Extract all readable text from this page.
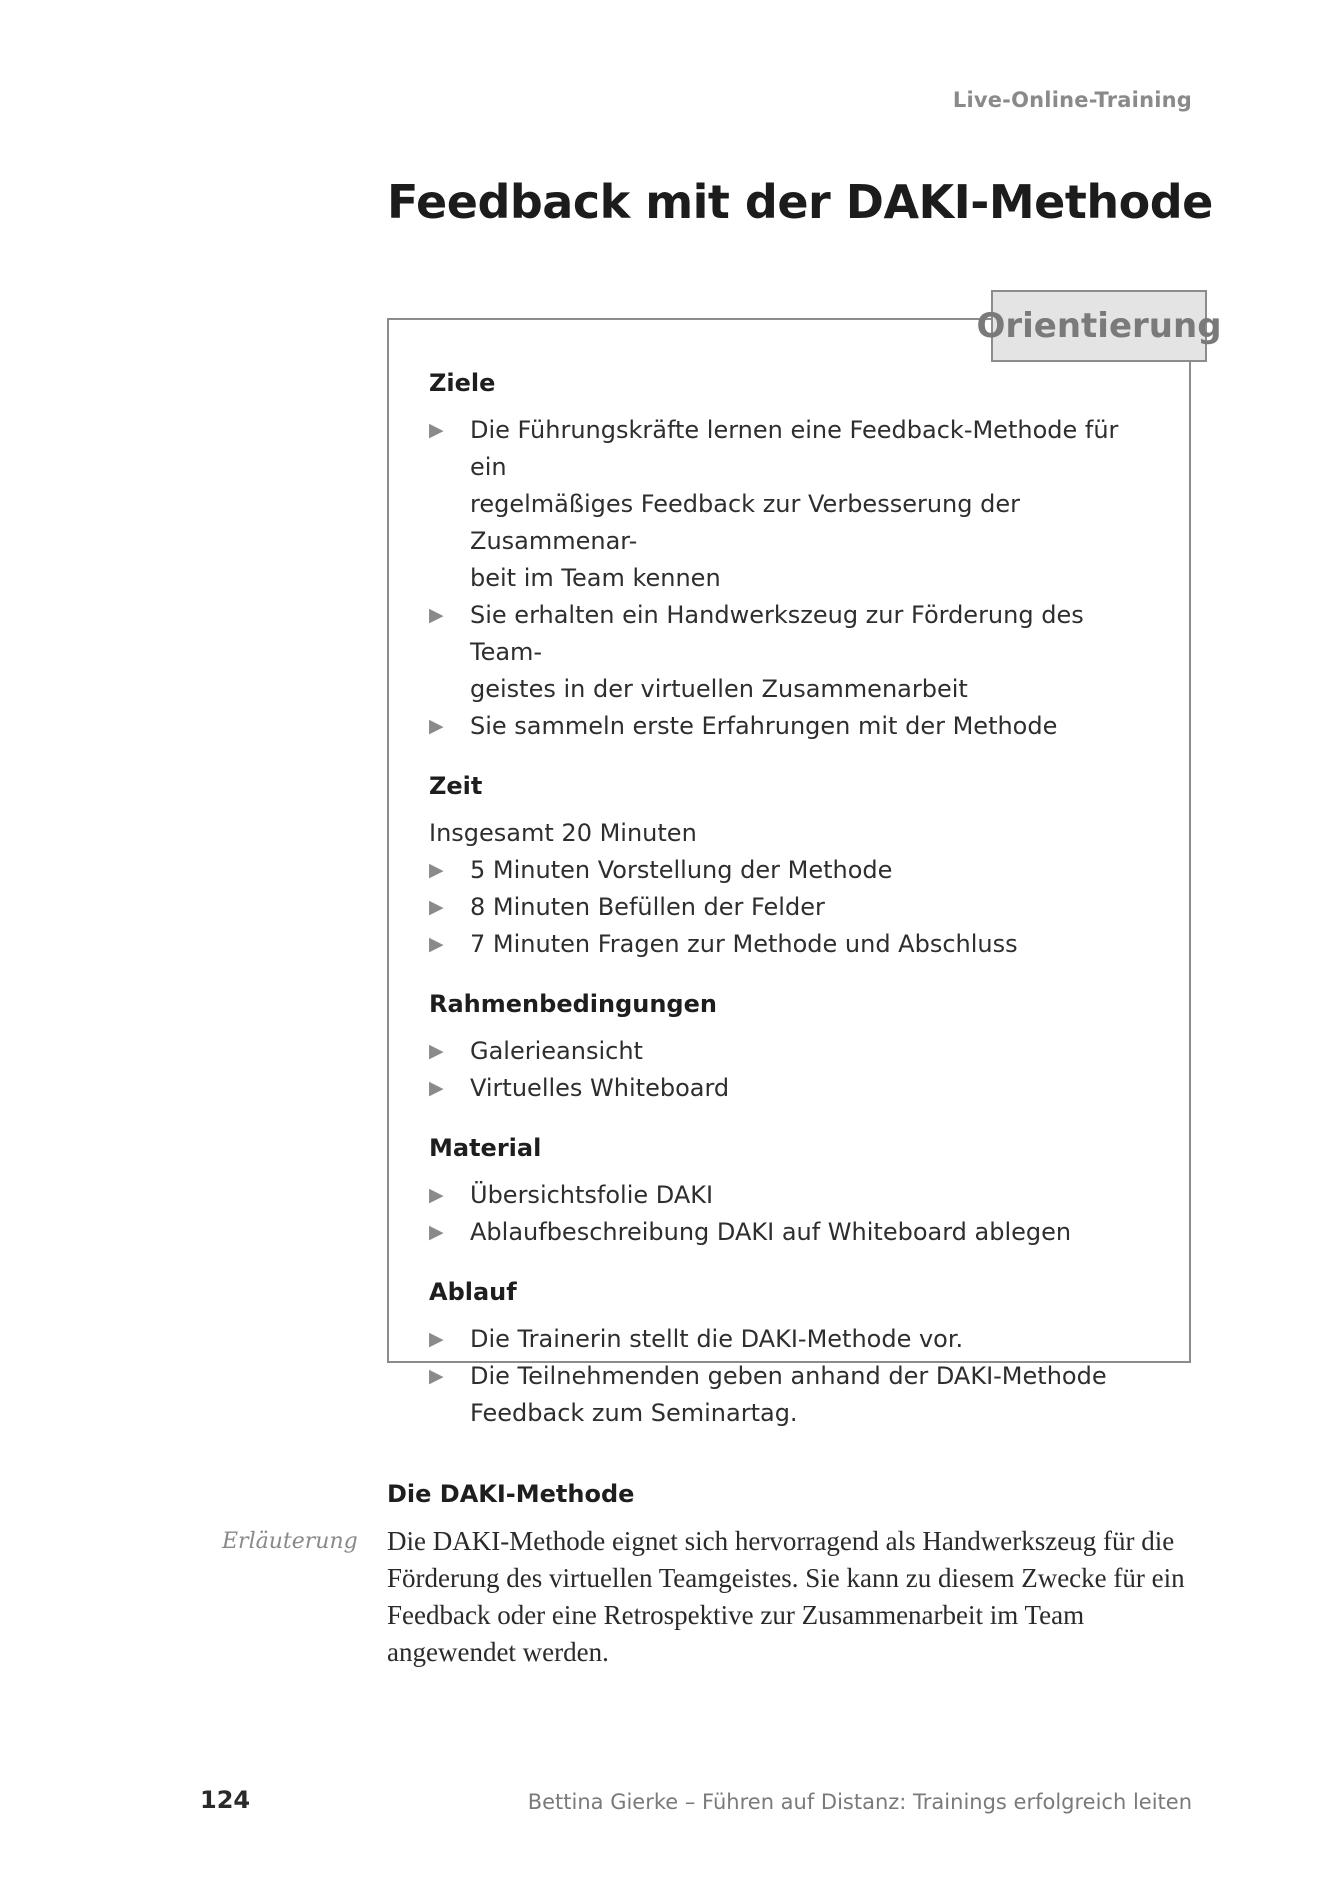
Live-Online-Training
Feedback mit der DAKI-Methode
Ziele
▶ Die Führungskräfte lernen eine Feedback-Methode für ein
regelmäßiges Feedback zur Verbesserung der Zusammenar-
beit im Team kennen
▶ Sie erhalten ein Handwerkszeug zur Förderung des Team-
geistes in der virtuellen Zusammenarbeit
▶ Sie sammeln erste Erfahrungen mit der Methode
Zeit
Insgesamt 20 Minuten
▶ 5 Minuten Vorstellung der Methode
▶ 8 Minuten Befüllen der Felder
▶ 7 Minuten Fragen zur Methode und Abschluss
Rahmenbedingungen
▶ Galerieansicht
▶ Virtuelles Whiteboard
Material
▶ Übersichtsfolie DAKI
▶ Ablaufbeschreibung DAKI auf Whiteboard ablegen
Ablauf
▶ Die Trainerin stellt die DAKI-Methode vor.
▶ Die Teilnehmenden geben anhand der DAKI-Methode
Feedback zum Seminartag.
Orientierung
Die DAKI-Methode
Erläuterung Die DAKI-Methode eignet sich hervorragend als Handwerkszeug für die Förderung des virtuellen Teamgeistes. Sie kann zu diesem Zwecke für ein Feedback oder eine Retrospektive zur Zusammenarbeit im Team angewendet werden.
124	Bettina Gierke – Führen auf Distanz: Trainings erfolgreich leiten
